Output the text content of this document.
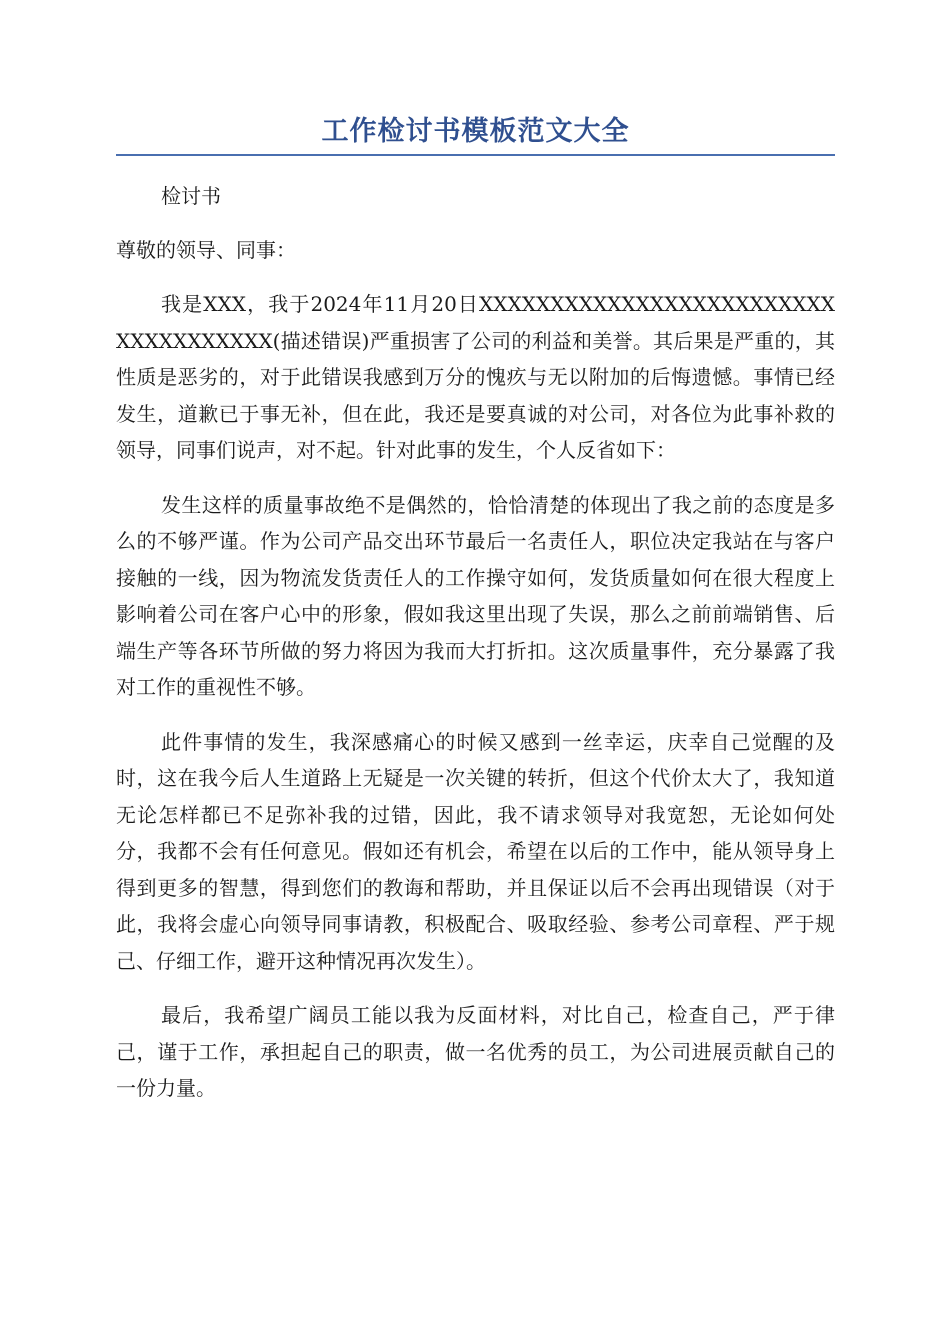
工作检讨书模板范文大全

检讨书

尊敬的领导、同事：

我是XXX，我于2024年11月20日XXXXXXXXXXXXXXXXXXXXXXXXXXXXXXXXXXXX(描述错误)严重损害了公司的利益和美誉。其后果是严重的，其性质是恶劣的，对于此错误我感到万分的愧疚与无以附加的后悔遗憾。事情已经发生，道歉已于事无补，但在此，我还是要真诚的对公司，对各位为此事补救的领导，同事们说声，对不起。针对此事的发生，个人反省如下：

发生这样的质量事故绝不是偶然的，恰恰清楚的体现出了我之前的态度是多么的不够严谨。作为公司产品交出环节最后一名责任人，职位决定我站在与客户接触的一线，因为物流发货责任人的工作操守如何，发货质量如何在很大程度上影响着公司在客户心中的形象，假如我这里出现了失误，那么之前前端销售、后端生产等各环节所做的努力将因为我而大打折扣。这次质量事件，充分暴露了我对工作的重视性不够。

此件事情的发生，我深感痛心的时候又感到一丝幸运，庆幸自己觉醒的及时，这在我今后人生道路上无疑是一次关键的转折，但这个代价太大了，我知道无论怎样都已不足弥补我的过错，因此，我不请求领导对我宽恕，无论如何处分，我都不会有任何意见。假如还有机会，希望在以后的工作中，能从领导身上得到更多的智慧，得到您们的教诲和帮助，并且保证以后不会再出现错误（对于此，我将会虚心向领导同事请教，积极配合、吸取经验、参考公司章程、严于规己、仔细工作，避开这种情况再次发生）。

最后，我希望广阔员工能以我为反面材料，对比自己，检查自己，严于律己，谨于工作，承担起自己的职责，做一名优秀的员工，为公司进展贡献自己的一份力量。
